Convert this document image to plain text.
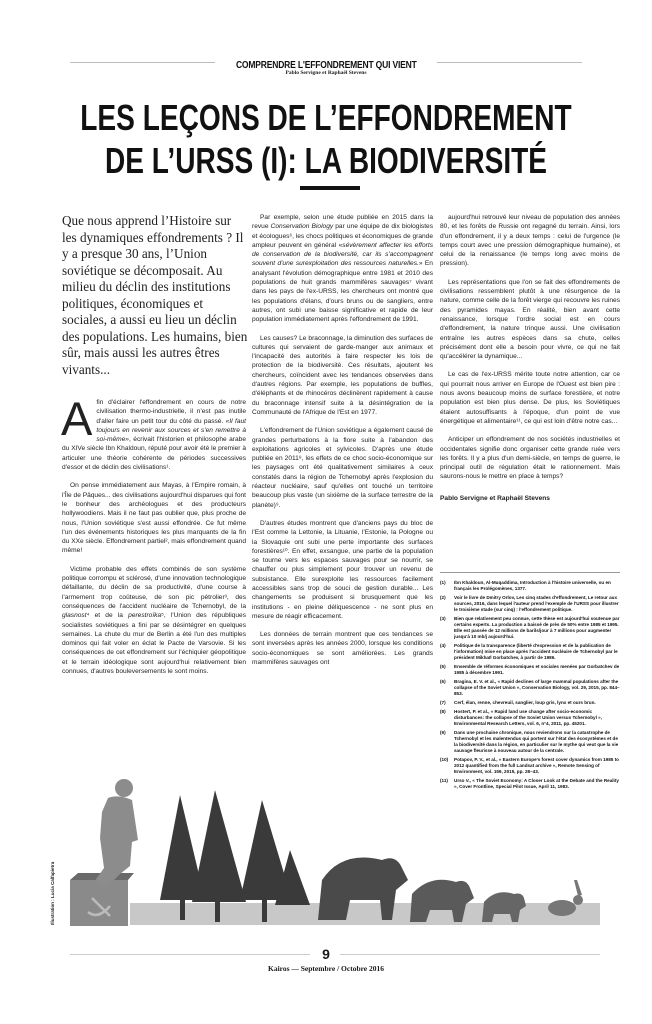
COMPRENDRE L'EFFONDREMENT QUI VIENT
Pablo Servigne et Raphaël Stevens
LES LEÇONS DE L’EFFONDREMENT
DE L’URSS (I): LA BIODIVERSITÉ
Que nous apprend l’Histoire sur les dynamiques effondrements ? Il y a presque 30 ans, l’Union soviétique se décomposait. Au milieu du déclin des institutions politiques, économiques et sociales, a aussi eu lieu un déclin des populations. Les humains, bien sûr, mais aussi les autres êtres vivants...

Afin d'éclairer l'effondrement en cours de notre civilisation thermo-industrielle, il n'est pas inutile d'aller faire un petit tour du côté du passé. «Il faut toujours en revenir aux sources et s'en remettre à soi-même», écrivait l'historien et philosophe arabe du XIVe siècle Ibn Khaldoun, réputé pour avoir été le premier à articuler une théorie cohérente de périodes successives d'essor et de déclin des civilisations¹.

On pense immédiatement aux Mayas, à l'Empire romain, à l'Île de Pâques... des civilisations aujourd'hui disparues qui font le bonheur des archéologues et des producteurs hollywoodiens. Mais il ne faut pas oublier que, plus proche de nous, l'Union soviétique s'est aussi effondrée. Ce fut même l'un des événements historiques les plus marquants de la fin du XXe siècle. Effondrement partiel², mais effondrement quand même!

Victime probable des effets combinés de son système politique corrompu et sclérosé, d'une innovation technologique défaillante, du déclin de sa productivité, d'une course à l'armement trop coûteuse, de son pic pétrolier³, des conséquences de l'accident nucléaire de Tchernobyl, de la glasnost⁴ et de la perestroïka⁵, l'Union des républiques socialistes soviétiques a fini par se désintégrer en quelques semaines. La chute du mur de Berlin a été l'un des multiples dominos qui fait voler en éclat le Pacte de Varsovie. Si les conséquences de cet effondrement sur l'échiquier géopolitique et le terrain idéologique sont aujourd'hui relativement bien connues, d'autres bouleversements le sont moins.

Par exemple, selon une étude publiée en 2015 dans la revue Conservation Biology par une équipe de dix biologistes et écologues⁶, les chocs politiques et économiques de grande ampleur peuvent en général «sévèrement affecter les efforts de conservation de la biodiversité, car ils s'accompagnent souvent d'une surexploitation des ressources naturelles.» En analysant l'évolution démographique entre 1981 et 2010 des populations de huit grands mammifères sauvages⁷ vivant dans les pays de l'ex-URSS, les chercheurs ont montré que les populations d'élans, d'ours bruns ou de sangliers, entre autres, ont subi une baisse significative et rapide de leur population immédiatement après l'effondrement de 1991.

Les causes? Le braconnage, la diminution des surfaces de cultures qui servaient de garde-manger aux animaux et l'incapacité des autorités à faire respecter les lois de protection de la biodiversité. Ces résultats, ajoutent les chercheurs, coïncident avec les tendances observées dans d'autres régions. Par exemple, les populations de buffles, d'éléphants et de rhinocéros déclinèrent rapidement à cause du braconnage intensif suite à la désintégration de la Communauté de l'Afrique de l'Est en 1977.

L'effondrement de l'Union soviétique a également causé de grandes perturbations à la flore suite à l'abandon des exploitations agricoles et sylvicoles. D'après une étude publiée en 2011⁸, les effets de ce choc socio-économique sur les paysages ont été qualitativement similaires à ceux constatés dans la région de Tchernobyl après l'explosion du réacteur nucléaire, sauf qu'elles ont touché un territoire beaucoup plus vaste (un sixième de la surface terrestre de la planète)⁹.

D'autres études montrent que d'anciens pays du bloc de l'Est comme la Lettonie, la Lituanie, l'Estonie, la Pologne ou la Slovaquie ont subi une perte importante des surfaces forestières¹⁰. En effet, exsangue, une partie de la population se tourne vers les espaces sauvages pour se nourrir, se chauffer ou plus simplement pour trouver un revenu de subsistance. Elle surexploite les ressources facilement accessibles sans trop de souci de gestion durable... Les changements se produisent si brusquement que les institutions - en pleine déliquescence - ne sont plus en mesure de réagir efficacement.

Les données de terrain montrent que ces tendances se sont inversées après les années 2000, lorsque les conditions socio-économiques se sont améliorées. Les grands mammifères sauvages ont

aujourd'hui retrouvé leur niveau de population des années 80, et les forêts de Russie ont regagné du terrain. Ainsi, lors d'un effondrement, il y a deux temps : celui de l'urgence (le temps court avec une pression démographique humaine), et celui de la renaissance (le temps long avec moins de pression).

Les représentations que l'on se fait des effondrements de civilisations ressemblent plutôt à une résurgence de la nature, comme celle de la forêt vierge qui recouvre les ruines des pyramides mayas. En réalité, bien avant cette renaissance, lorsque l'ordre social est en cours d'effondrement, la nature trinque aussi. Une civilisation entraîne les autres espèces dans sa chute, celles précisément dont elle a besoin pour vivre, ce qui ne fait qu'accélérer la dynamique...

Le cas de l'ex-URSS mérite toute notre attention, car ce qui pourrait nous arriver en Europe de l'Ouest est bien pire : nous avons beaucoup moins de surface forestière, et notre population est bien plus dense. De plus, les Soviétiques étaient autosuffisants à l'époque, d'un point de vue énergétique et alimentaire¹¹, ce qui est loin d'être notre cas...

Anticiper un effondrement de nos sociétés industrielles et occidentales signifie donc organiser cette grande ruée vers les forêts. Il y a plus d'un demi-siècle, en temps de guerre, le principal outil de régulation était le rationnement. Mais saurons-nous le mettre en place à temps?

Pablo Servigne et Raphaël Stevens

(1)	Ibn Khaldoun, Al-Muqaddima, Introduction à l'histoire universelle, ou en français les Prolégomènes, 1377.
(2)	Voir le livre de Dmitry Orlov, Les cinq stades d'effondrement, Le retour aux sources, 2016, dans lequel l'auteur prend l'exemple de l'URSS pour illustrer le troisième stade (sur cinq) : l'effondrement politique.
(3)	Bien que relativement peu connue, cette thèse est aujourd'hui soutenue par certains experts. La production a baissé de près de 50% entre 1985 et 1995. Elle est passée de 12 millions de barils/jour à 7 millions pour augmenter jusqu'à 10 mb/j aujourd'hui.
(4)	Politique de la transparence (liberté d'expression et de la publication de l'information) mise en place après l'accident nucléaire de Tchernobyl par le président Mikhaïl Gorbatchev, à partir de 1986.
(5)	Ensemble de réformes économiques et sociales menées par Gorbatchev de 1985 à décembre 1991.
(6)	Bragina, E. V. et al., « Rapid declines of large mammal populations after the collapse of the Soviet Union », Conservation Biology, vol. 29, 2015, pp. 844–853.
(7)	Cerf, élan, renne, chevreuil, sanglier, loup gris, lynx et ours brun.
(8)	Hostert, P. et al., « Rapid land use change after socio-economic disturbances: the collapse of the Soviet Union versus Tchernobyl », Environmental Research Letters, vol. 6, n°4, 2011, pp. 45201.
(9)	Dans une prochaine chronique, nous reviendrons sur la catastrophe de Tchernobyl et les malentendus qui portent sur l'état des écosystèmes et de la biodiversité dans la région, en particulier sur le mythe qui veut que la vie sauvage fleurisse à nouveau autour de la centrale.
(10)	Potapov, P. V., et al., « Eastern Europe's forest cover dynamics from 1985 to 2012 quantified from the full Landsat archive », Remote Sensing of Environment, vol. 159, 2015, pp. 28–43.
(11)	Urso V., « The Soviet Economy: A Closer Look at the Debate and the Reality », Cover Frontline, Special Pilot Issue, April 11, 1983.
Illustration : Lucia Calfapietra
9
Kairos — Septembre / Octobre 2016
